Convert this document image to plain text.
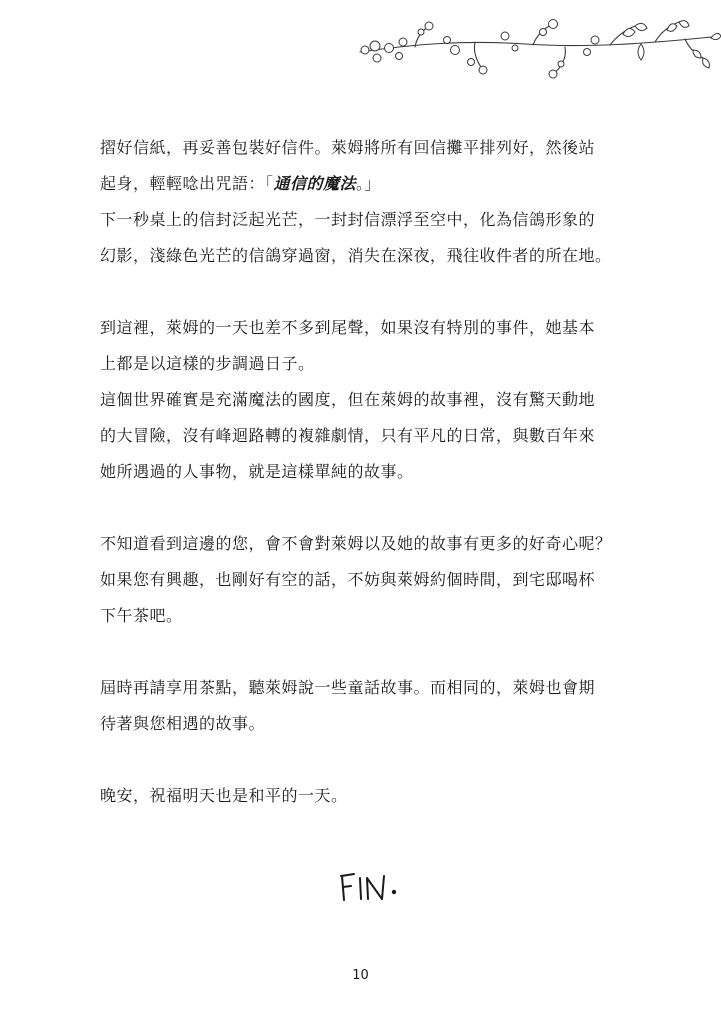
摺好信紙，再妥善包裝好信件。萊姆將所有回信攤平排列好，然後站
起身，輕輕唸出咒語：「通信的魔法。」
下一秒桌上的信封泛起光芒，一封封信漂浮至空中，化為信鴿形象的
幻影，淺綠色光芒的信鴿穿過窗，消失在深夜，飛往收件者的所在地。
到這裡，萊姆的一天也差不多到尾聲，如果沒有特別的事件，她基本
上都是以這樣的步調過日子。
這個世界確實是充滿魔法的國度，但在萊姆的故事裡，沒有驚天動地
的大冒險，沒有峰迴路轉的複雜劇情，只有平凡的日常，與數百年來
她所遇過的人事物，就是這樣單純的故事。
不知道看到這邊的您，會不會對萊姆以及她的故事有更多的好奇心呢？
如果您有興趣，也剛好有空的話，不妨與萊姆約個時間，到宅邸喝杯
下午茶吧。
屆時再請享用茶點，聽萊姆說一些童話故事。而相同的，萊姆也會期
待著與您相遇的故事。
晚安，祝福明天也是和平的一天。
10
